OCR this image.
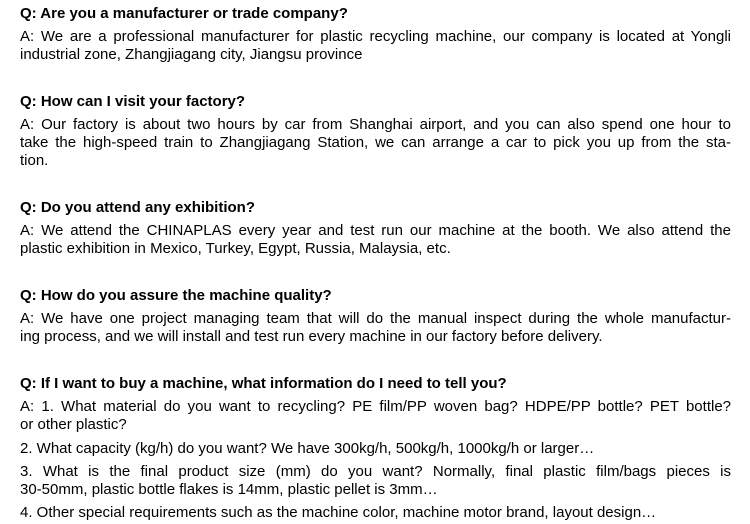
Q: Are you a manufacturer or trade company?
A: We are a professional manufacturer for plastic recycling machine, our company is located at Yongli
industrial zone, Zhangjiagang city, Jiangsu province
Q: How can I visit your factory?
A: Our factory is about two hours by car from Shanghai airport, and you can also spend one hour to
take the high-speed train to Zhangjiagang Station, we can arrange a car to pick you up from the sta-
tion.
Q: Do you attend any exhibition?
A: We attend the CHINAPLAS every year and test run our machine at the booth. We also attend the
plastic exhibition in Mexico, Turkey, Egypt, Russia, Malaysia, etc.
Q: How do you assure the machine quality?
A: We have one project managing team that will do the manual inspect during the whole manufactur-
ing process, and we will install and test run every machine in our factory before delivery.
Q: If I want to buy a machine, what information do I need to tell you?
A: 1. What material do you want to recycling? PE film/PP woven bag? HDPE/PP bottle? PET bottle?
or other plastic?
2. What capacity (kg/h) do you want? We have 300kg/h, 500kg/h, 1000kg/h or larger…
3. What is the final product size (mm) do you want? Normally, final plastic film/bags pieces is
30-50mm, plastic bottle flakes is 14mm, plastic pellet is 3mm…
4. Other special requirements such as the machine color, machine motor brand, layout design…
